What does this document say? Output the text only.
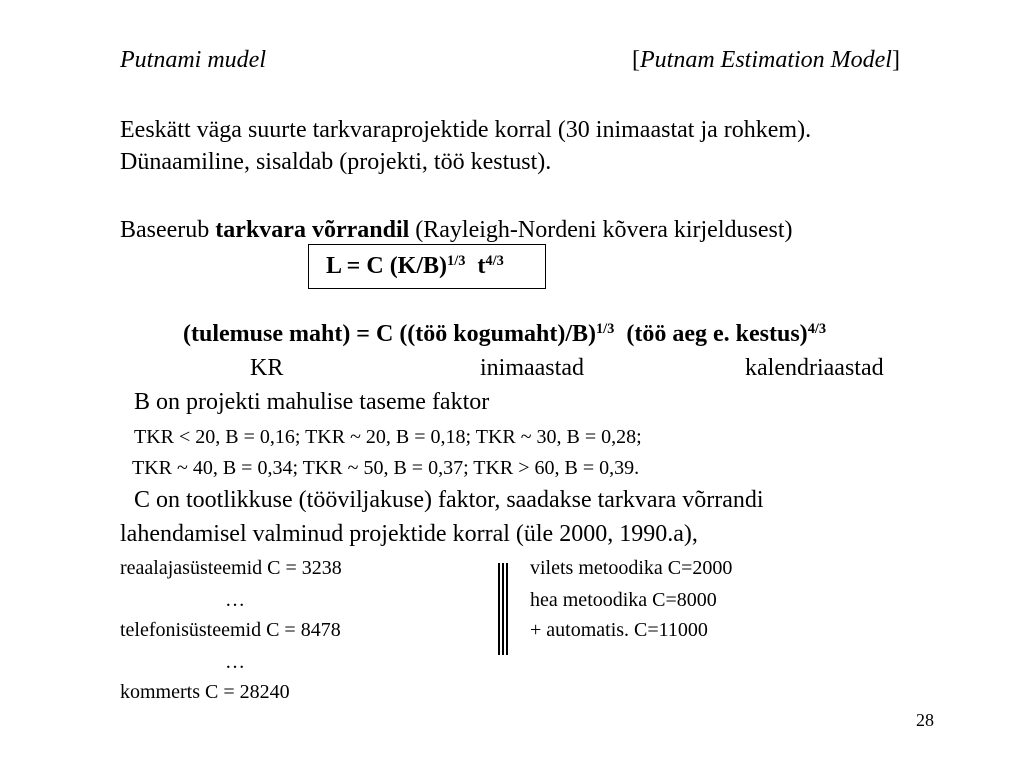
Putnami mudel	[Putnam Estimation Model]
Eeskätt väga suurte tarkvaraprojektide korral (30 inimaastat ja rohkem).
Dünaamiline, sisaldab (projekti, töö kestust).
Baseerub tarkvara võrrandil (Rayleigh-Nordeni kõvera kirjeldusest)
L = C $(K/B)^{1/3}$ $t^{4/3}$
(tulemuse maht) = C ((töö kogumaht)/B)$^{1/3}$ (töö aeg e. kestus)$^{4/3}$
KR	inimaastad	kalendriaastad
B on projekti mahulise taseme faktor
TKR < 20, B = 0,16; TKR ~ 20, B = 0,18; TKR ~ 30, B = 0,28;
TKR ~ 40, B = 0,34; TKR ~ 50, B = 0,37; TKR > 60, B = 0,39.
C on tootlikkuse (tööviljakuse) faktor, saadakse tarkvara võrrandi
lahendamisel valminud projektide korral (üle 2000, 1990.a),
reaalajasüsteemid C = 3238
…
telefonisüsteemid C = 8478
…
kommerts C = 28240
vilets metoodika C=2000
hea metoodika C=8000
+ automatis. C=11000
28
